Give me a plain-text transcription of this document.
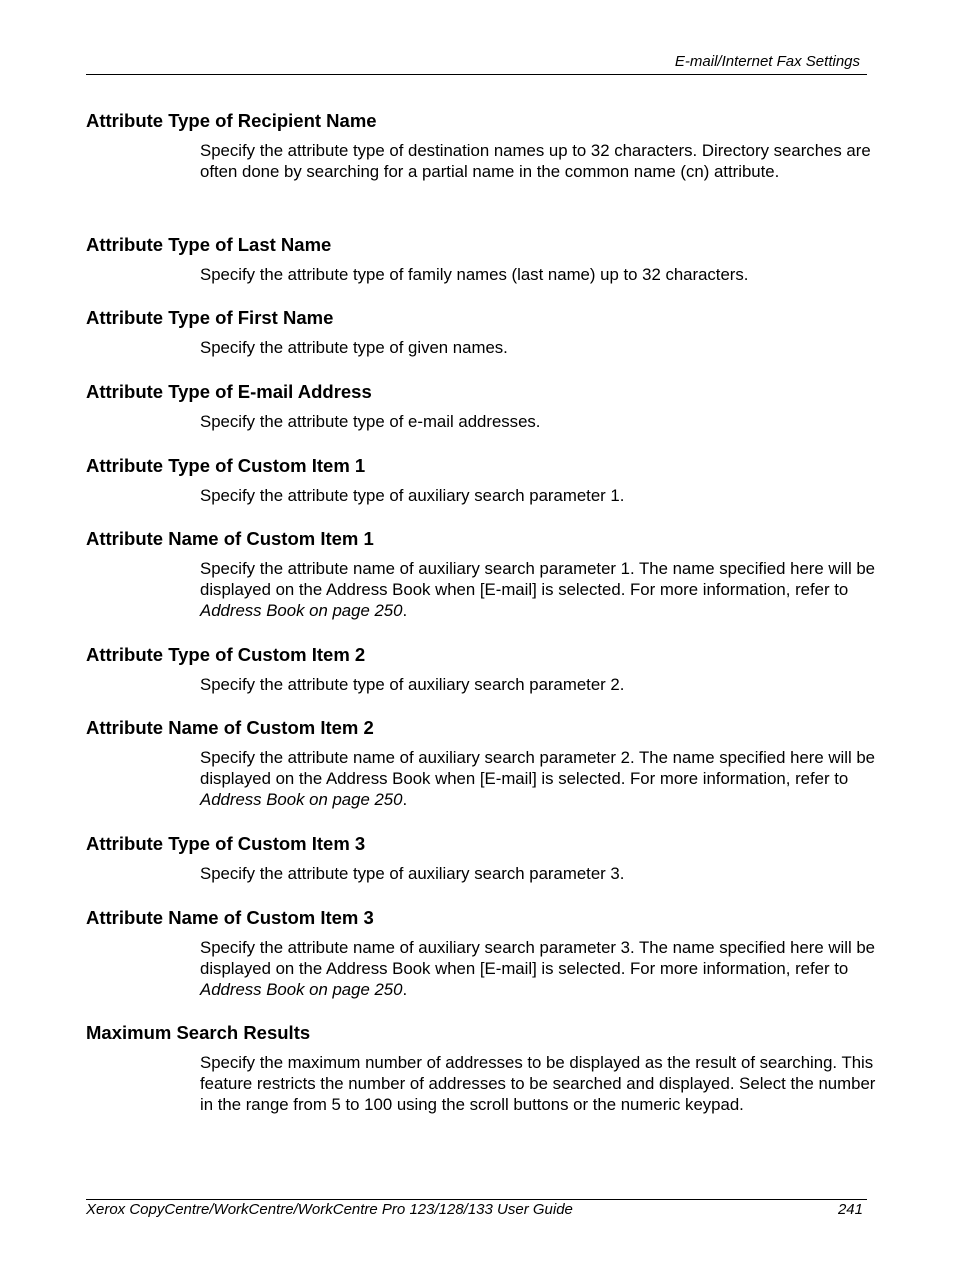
E-mail/Internet Fax Settings
Attribute Type of Recipient Name

Specify the attribute type of destination names up to 32 characters. Directory searches are often done by searching for a partial name in the common name (cn) attribute.

Attribute Type of Last Name

Specify the attribute type of family names (last name) up to 32 characters.

Attribute Type of First Name

Specify the attribute type of given names.

Attribute Type of E-mail Address

Specify the attribute type of e-mail addresses.

Attribute Type of Custom Item 1

Specify the attribute type of auxiliary search parameter 1.

Attribute Name of Custom Item 1

Specify the attribute name of auxiliary search parameter 1. The name specified here will be displayed on the Address Book when [E-mail] is selected. For more information, refer to Address Book on page 250.

Attribute Type of Custom Item 2

Specify the attribute type of auxiliary search parameter 2.

Attribute Name of Custom Item 2

Specify the attribute name of auxiliary search parameter 2. The name specified here will be displayed on the Address Book when [E-mail] is selected. For more information, refer to Address Book on page 250.

Attribute Type of Custom Item 3

Specify the attribute type of auxiliary search parameter 3.

Attribute Name of Custom Item 3

Specify the attribute name of auxiliary search parameter 3. The name specified here will be displayed on the Address Book when [E-mail] is selected. For more information, refer to Address Book on page 250.

Maximum Search Results

Specify the maximum number of addresses to be displayed as the result of searching. This feature restricts the number of addresses to be searched and displayed. Select the number in the range from 5 to 100 using the scroll buttons or the numeric keypad.

Xerox CopyCentre/WorkCentre/WorkCentre Pro 123/128/133 User Guide	241
